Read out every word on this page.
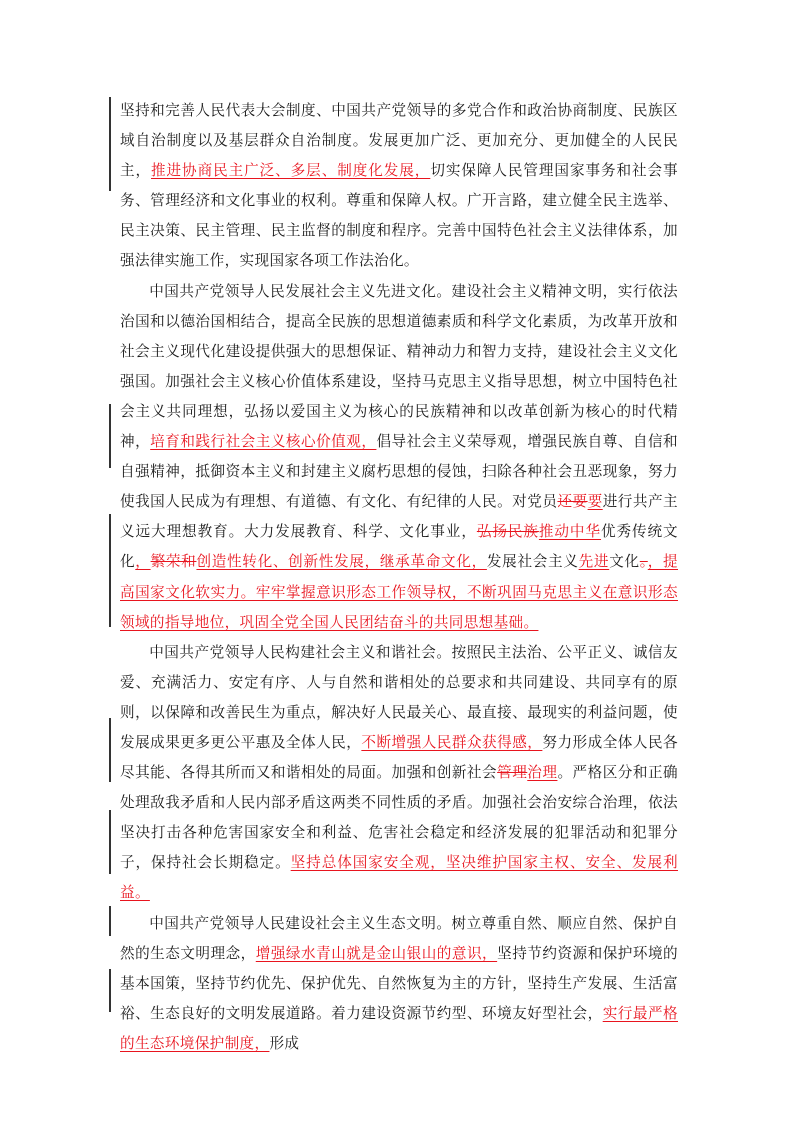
坚持和完善人民代表大会制度、中国共产党领导的多党合作和政治协商制度、民族区域自治制度以及基层群众自治制度。发展更加广泛、更加充分、更加健全的人民民主，推进协商民主广泛、多层、制度化发展，切实保障人民管理国家事务和社会事务、管理经济和文化事业的权利。尊重和保障人权。广开言路，建立健全民主选举、民主决策、民主管理、民主监督的制度和程序。完善中国特色社会主义法律体系，加强法律实施工作，实现国家各项工作法治化。

中国共产党领导人民发展社会主义先进文化。建设社会主义精神文明，实行依法治国和以德治国相结合，提高全民族的思想道德素质和科学文化素质，为改革开放和社会主义现代化建设提供强大的思想保证、精神动力和智力支持，建设社会主义文化强国。加强社会主义核心价值体系建设，坚持马克思主义指导思想，树立中国特色社会主义共同理想，弘扬以爱国主义为核心的民族精神和以改革创新为核心的时代精神，培育和践行社会主义核心价值观，倡导社会主义荣辱观，增强民族自尊、自信和自强精神，抵御资本主义和封建主义腐朽思想的侵蚀，扫除各种社会丑恶现象，努力使我国人民成为有理想、有道德、有文化、有纪律的人民。对党员还要要进行共产主义远大理想教育。大力发展教育、科学、文化事业，弘扬民族推动中华优秀传统文化，繁荣和创造性转化、创新性发展，继承革命文化，发展社会主义先进文化。，提高国家文化软实力。牢牢掌握意识形态工作领导权，不断巩固马克思主义在意识形态领域的指导地位，巩固全党全国人民团结奋斗的共同思想基础。

中国共产党领导人民构建社会主义和谐社会。按照民主法治、公平正义、诚信友爱、充满活力、安定有序、人与自然和谐相处的总要求和共同建设、共同享有的原则，以保障和改善民生为重点，解决好人民最关心、最直接、最现实的利益问题，使发展成果更多更公平惠及全体人民，不断增强人民群众获得感，努力形成全体人民各尽其能、各得其所而又和谐相处的局面。加强和创新社会管理治理。严格区分和正确处理敌我矛盾和人民内部矛盾这两类不同性质的矛盾。加强社会治安综合治理，依法坚决打击各种危害国家安全和利益、危害社会稳定和经济发展的犯罪活动和犯罪分子，保持社会长期稳定。坚持总体国家安全观，坚决维护国家主权、安全、发展利益。

中国共产党领导人民建设社会主义生态文明。树立尊重自然、顺应自然、保护自然的生态文明理念，增强绿水青山就是金山银山的意识，坚持节约资源和保护环境的基本国策，坚持节约优先、保护优先、自然恢复为主的方针，坚持生产发展、生活富裕、生态良好的文明发展道路。着力建设资源节约型、环境友好型社会，实行最严格的生态环境保护制度，形成
